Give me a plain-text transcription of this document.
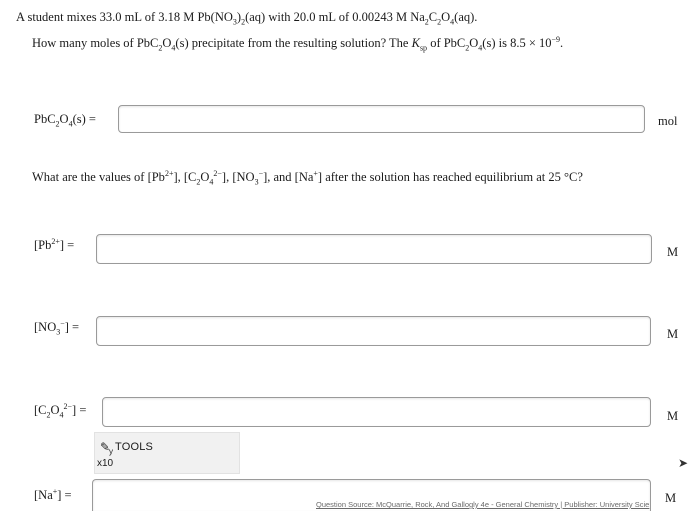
A student mixes 33.0 mL of 3.18 M $Pb(NO_3)_2(aq)$ with 20.0 mL of 0.00243 M $Na_2C_2O_4(aq)$.
How many moles of $PbC_2O_4(s)$ precipitate from the resulting solution? The $K_{sp}$ of $PbC_2O_4(s)$ is $8.5 \times 10^{-9}$.
$PbC_2O_4(s)$ =	mol
What are the values of $[Pb^{2+}]$, $[C_2O_4^{2-}]$, $[NO_3^-]$, and [Na+] after the solution has reached equilibrium at 25 °C?
$[Pb^{2+}]$ =	M
$[NO_3^-]$ =	M
$[C_2O_4^{2-}]$ =	M
✎
y TOOLS
x10	➤
[Na+] =	M
Question Source: McQuarrie, Rock, And Gallogly 4e - General Chemistry | Publisher: University Scie
